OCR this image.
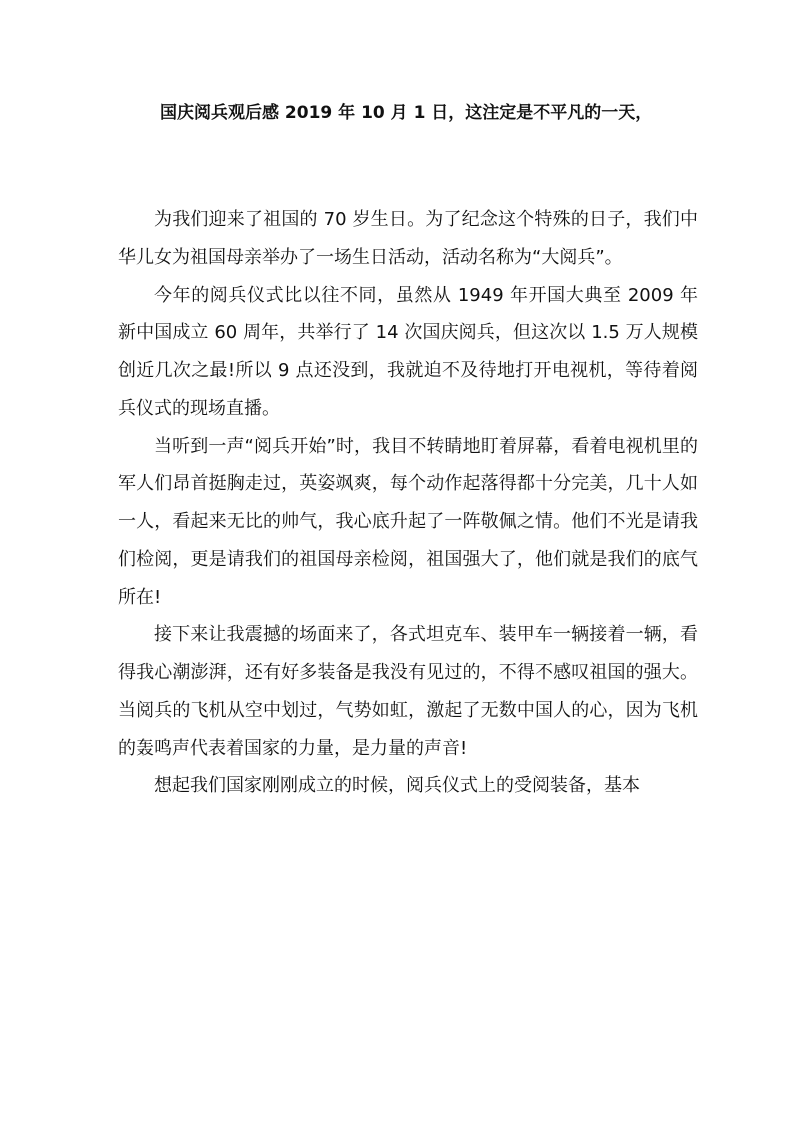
国庆阅兵观后感 2019 年 10 月 1 日，这注定是不平凡的一天，

为我们迎来了祖国的 70 岁生日。为了纪念这个特殊的日子，我们中华儿女为祖国母亲举办了一场生日活动，活动名称为“大阅兵”。

今年的阅兵仪式比以往不同，虽然从 1949 年开国大典至 2009 年新中国成立 60 周年，共举行了 14 次国庆阅兵，但这次以 1.5 万人规模创近几次之最!所以 9 点还没到，我就迫不及待地打开电视机，等待着阅兵仪式的现场直播。

当听到一声“阅兵开始”时，我目不转睛地盯着屏幕，看着电视机里的军人们昂首挺胸走过，英姿飒爽，每个动作起落得都十分完美，几十人如一人，看起来无比的帅气，我心底升起了一阵敬佩之情。他们不光是请我们检阅，更是请我们的祖国母亲检阅，祖国强大了，他们就是我们的底气所在!

接下来让我震撼的场面来了，各式坦克车、装甲车一辆接着一辆，看得我心潮澎湃，还有好多装备是我没有见过的，不得不感叹祖国的强大。当阅兵的飞机从空中划过，气势如虹，激起了无数中国人的心，因为飞机的轰鸣声代表着国家的力量，是力量的声音!

想起我们国家刚刚成立的时候，阅兵仪式上的受阅装备，基本
